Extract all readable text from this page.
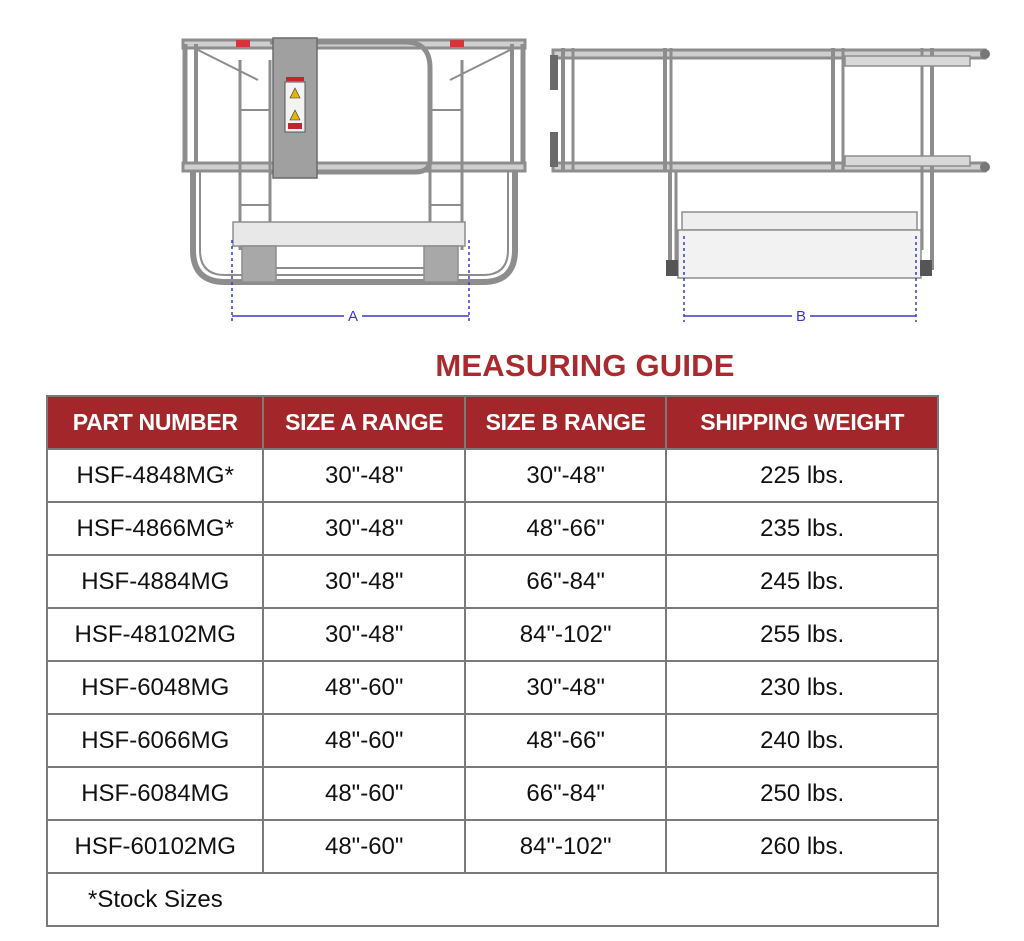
A	B
MEASURING GUIDE
PART NUMBER	SIZE A RANGE	SIZE B RANGE	SHIPPING WEIGHT
HSF-4848MG*	30"-48"	30"-48"	225 lbs.
HSF-4866MG*	30"-48"	48"-66"	235 lbs.
HSF-4884MG	30"-48"	66"-84"	245 lbs.
HSF-48102MG	30"-48"	84"-102"	255 lbs.
HSF-6048MG	48"-60"	30"-48"	230 lbs.
HSF-6066MG	48"-60"	48"-66"	240 lbs.
HSF-6084MG	48"-60"	66"-84"	250 lbs.
HSF-60102MG	48"-60"	84"-102"	260 lbs.
*Stock Sizes			
